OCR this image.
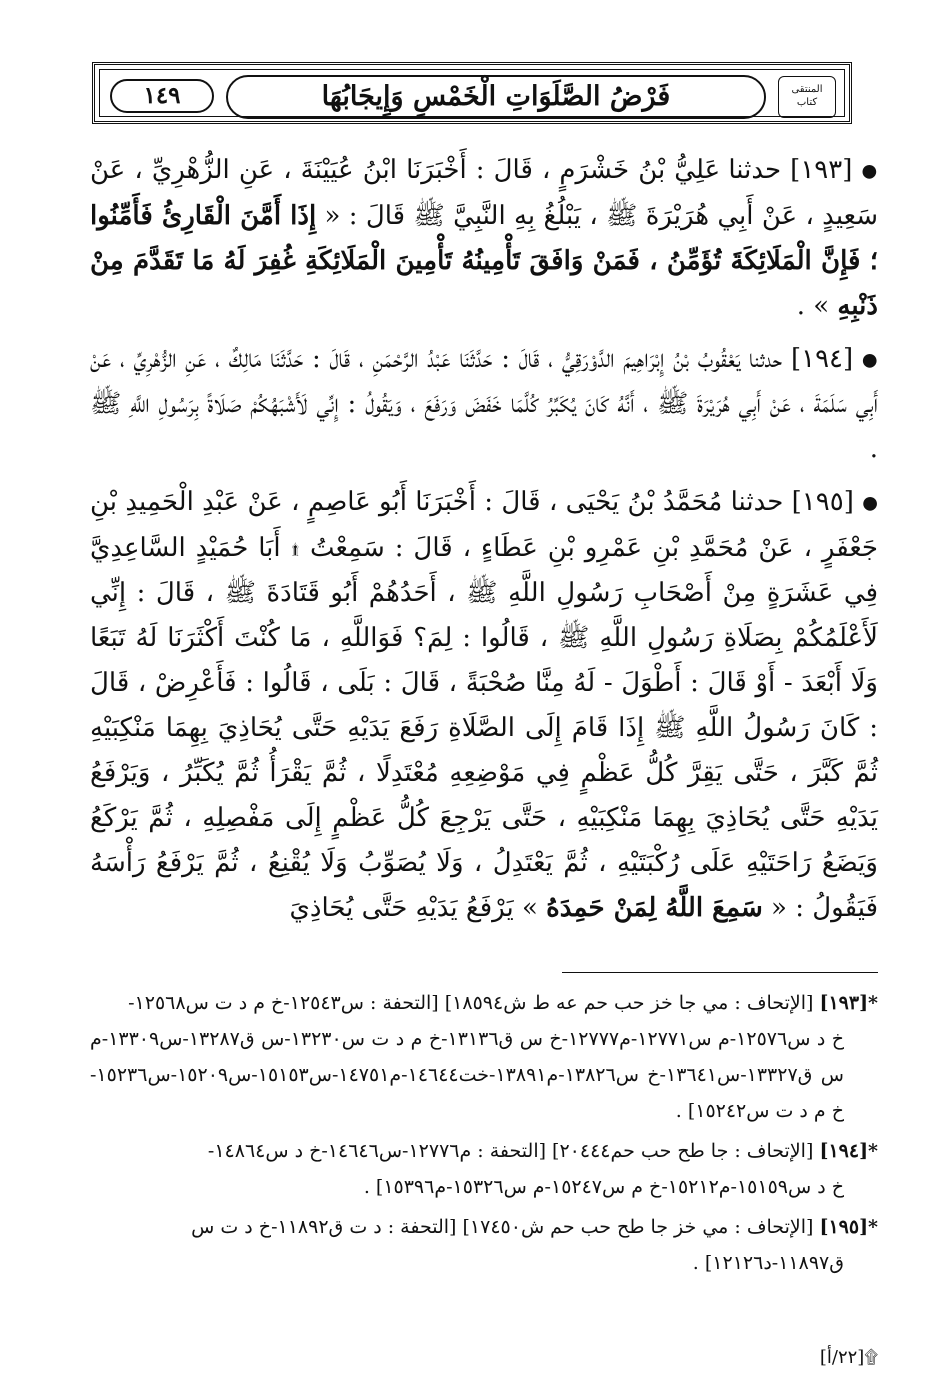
١٤٩	فَرْضُ الصَّلَوَاتِ الْخَمْسِ وَإِيجَابُهَا	المنتقى
كتاب

● [١٩٣] حدثنا عَلِيُّ بْنُ خَشْرَمٍ ، قَالَ : أَخْبَرَنَا ابْنُ عُيَيْنَةَ ، عَنِ الزُّهْرِيِّ ، عَنْ سَعِيدٍ ، عَنْ أَبِي هُرَيْرَةَ ﷺ ، يَبْلُغُ بِهِ النَّبِيَّ ﷺ قَالَ : « إِذَا أَمَّنَ الْقَارِئُ فَأَمِّنُوا ؛ فَإِنَّ الْمَلَائِكَةَ تُؤَمِّنُ ، فَمَنْ وَافَقَ تَأْمِينُهُ تَأْمِينَ الْمَلَائِكَةِ غُفِرَ لَهُ مَا تَقَدَّمَ مِنْ ذَنْبِهِ » .

● [١٩٤] حدثنا يَعْقُوبُ بْنُ إِبْرَاهِيمَ الدَّوْرَقِيُّ ، قَالَ : حَدَّثَنَا عَبْدُ الرَّحْمَنِ ، قَالَ : حَدَّثَنَا مَالِكٌ ، عَنِ الزُّهْرِيِّ ، عَنْ أَبِي سَلَمَةَ ، عَنْ أَبِي هُرَيْرَةَ ﷺ ، أَنَّهُ كَانَ يُكَبِّرُ كُلَّمَا خَفَضَ وَرَفَعَ ، وَيَقُولُ : إِنِّي لَأَشْبَهُكُمْ صَلَاةً بِرَسُولِ اللَّهِ ﷺ .

● [١٩٥] حدثنا مُحَمَّدُ بْنُ يَحْيَى ، قَالَ : أَخْبَرَنَا أَبُو عَاصِمٍ ، عَنْ عَبْدِ الْحَمِيدِ بْنِ جَعْفَرٍ ، عَنْ مُحَمَّدِ بْنِ عَمْرِو بْنِ عَطَاءٍ ، قَالَ : سَمِعْتُ ۩ أَبَا حُمَيْدٍ السَّاعِدِيَّ فِي عَشَرَةٍ مِنْ أَصْحَابِ رَسُولِ اللَّهِ ﷺ ، أَحَدُهُمْ أَبُو قَتَادَةَ ﷺ ، قَالَ : إِنِّي لَأَعْلَمُكُمْ بِصَلَاةِ رَسُولِ اللَّهِ ﷺ ، قَالُوا : لِمَ؟ فَوَاللَّهِ ، مَا كُنْتَ أَكْثَرَنَا لَهُ تَبَعًا وَلَا أَبْعَدَ - أَوْ قَالَ : أَطْوَلَ - لَهُ مِنَّا صُحْبَةً ، قَالَ : بَلَى ، قَالُوا : فَأَعْرِضْ ، قَالَ : كَانَ رَسُولُ اللَّهِ ﷺ إِذَا قَامَ إِلَى الصَّلَاةِ رَفَعَ يَدَيْهِ حَتَّى يُحَاذِيَ بِهِمَا مَنْكِبَيْهِ ثُمَّ كَبَّرَ ، حَتَّى يَقِرَّ كُلُّ عَظْمٍ فِي مَوْضِعِهِ مُعْتَدِلًا ، ثُمَّ يَقْرَأُ ثُمَّ يُكَبِّرُ ، وَيَرْفَعُ يَدَيْهِ حَتَّى يُحَاذِيَ بِهِمَا مَنْكِبَيْهِ ، حَتَّى يَرْجِعَ كُلُّ عَظْمٍ إِلَى مَفْصِلِهِ ، ثُمَّ يَرْكَعُ وَيَضَعُ رَاحَتَيْهِ عَلَى رُكْبَتَيْهِ ، ثُمَّ يَعْتَدِلُ ، وَلَا يُصَوِّبُ وَلَا يُقْنِعُ ، ثُمَّ يَرْفَعُ رَأْسَهُ فَيَقُولُ : « سَمِعَ اللَّهُ لِمَنْ حَمِدَهُ » يَرْفَعُ يَدَيْهِ حَتَّى يُحَاذِيَ

*[١٩٣] [الإتحاف : مي جا خز حب حم عه ط ش١٨٥٩٤] [التحفة : س١٢٥٤٣-خ م د ت س١٢٥٦٨-
خ د س١٢٥٧٦-م س١٢٧٧١-م١٢٧٧٧-خ س ق١٣١٣٦-خ م د ت س١٣٢٣٠-س ق١٣٢٨٧-س١٣٣٠٩-م س ق١٣٣٢٧-س١٣٦٤١-خ س١٣٨٢٦-م١٣٨٩١-خت١٤٦٤٤-م١٤٧٥١-س١٥١٥٣-س١٥٢٠٩-س١٥٢٣٦-خ م د ت س١٥٢٤٢] .
*[١٩٤] [الإتحاف : جا طح حب حم٢٠٤٤٤] [التحفة : م١٢٧٧٦-س١٤٦٤٦-خ د س١٤٨٦٤-
خ د س١٥١٥٩-م١٥٢١٢-خ م س١٥٢٤٧-م س١٥٣٢٦-م١٥٣٩٦] .
*[١٩٥] [الإتحاف : مي خز جا طح حب حم ش١٧٤٥٠] [التحفة : د ت ق١١٨٩٢-خ د ت س
ق١١٨٩٧-د١٢١٢٦] .
۩[٢٢/أ]
